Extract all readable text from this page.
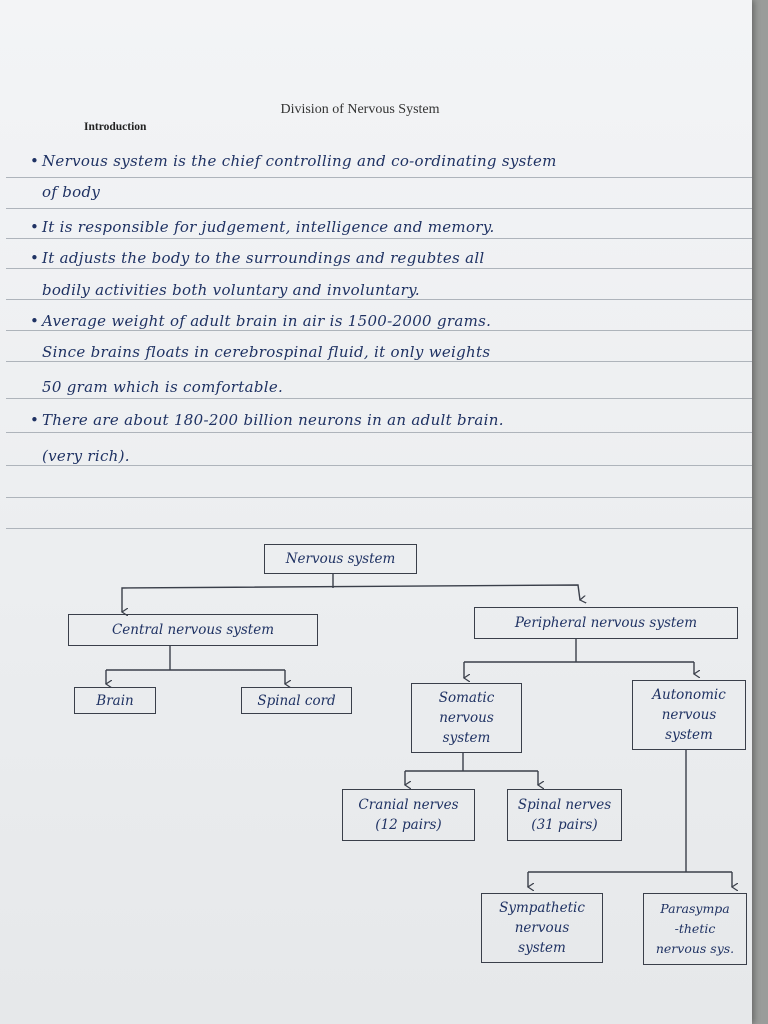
Division of Nervous System
Introduction
• Nervous system is the chief controlling and co-ordinating system
of body
• It is responsible for judgement, intelligence and memory.
• It adjusts the body to the surroundings and regubtes all
bodily activities both voluntary and involuntary.
• Average weight of adult brain in air is 1500-2000 grams.
Since brains floats in cerebrospinal fluid, it only weights
50 gram which is comfortable.
• There are about 180-200 billion neurons in an adult brain.
(very rich).
Nervous system
Central nervous system	Peripheral nervous system
Brain	Spinal cord	Somatic
nervous
system
Autonomic
nervous
system
Cranial nerves
(12 pairs)
Spinal nerves
(31 pairs)
Sympathetic
nervous
system
Parasympa
-thetic
nervous sys.
